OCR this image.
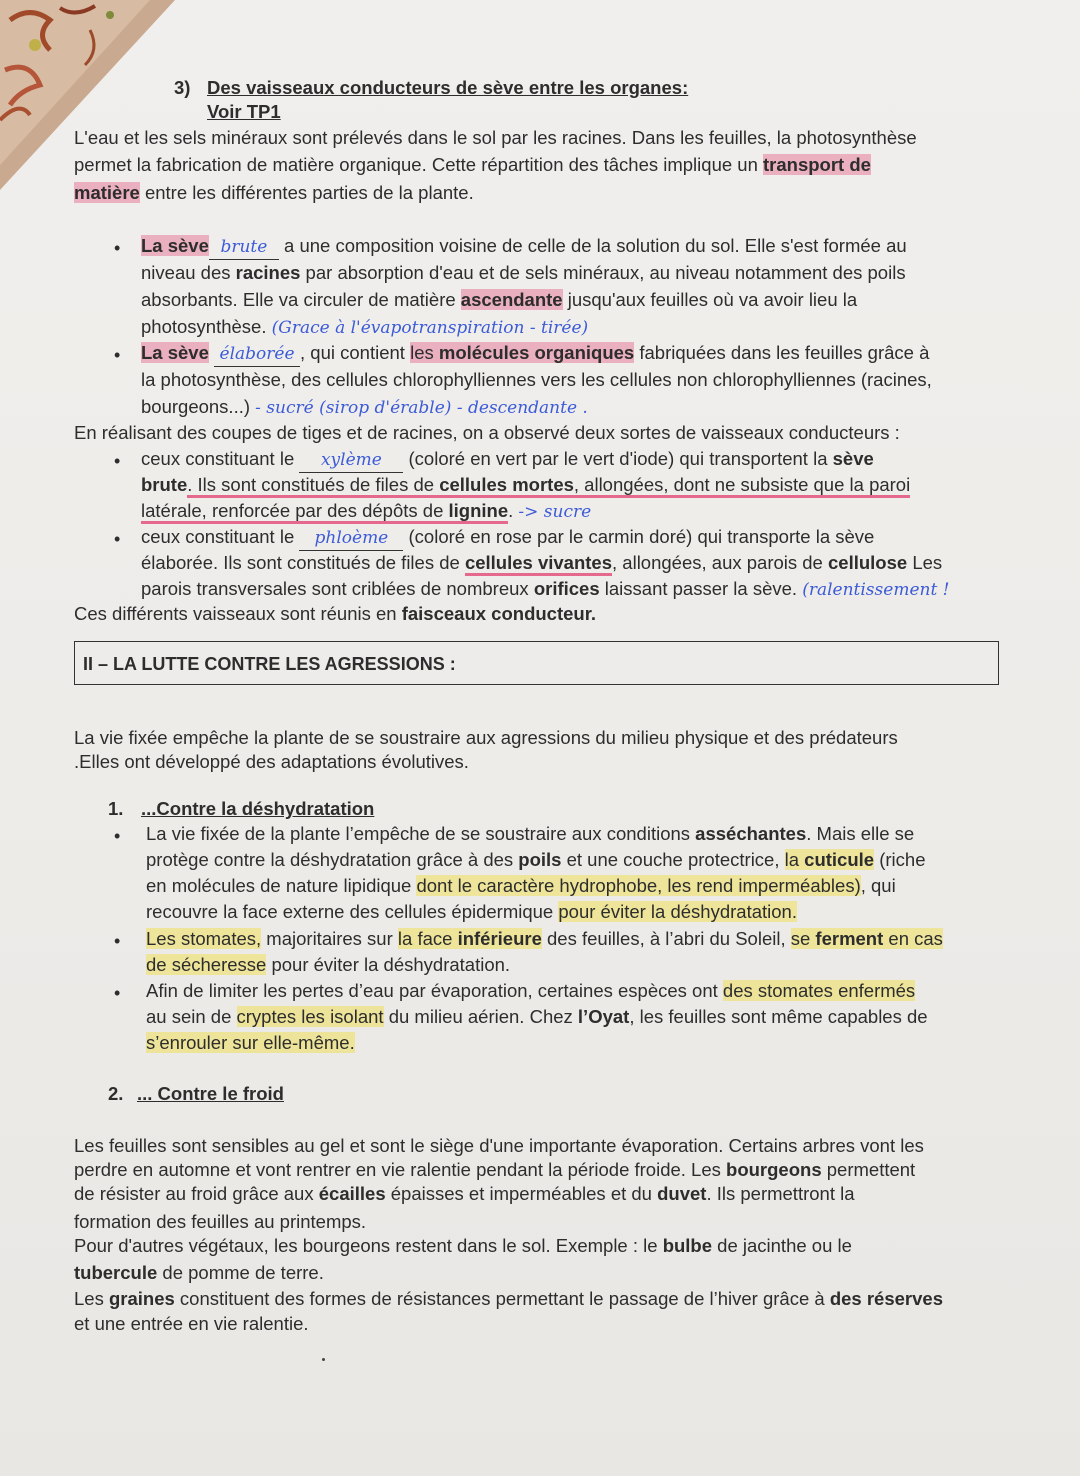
3) Des vaisseaux conducteurs de sève entre les organes:
Voir TP1
L'eau et les sels minéraux sont prélevés dans le sol par les racines. Dans les feuilles, la photosynthèse
permet la fabrication de matière organique. Cette répartition des tâches implique un transport de
matière entre les différentes parties de la plante.
• La sève brute a une composition voisine de celle de la solution du sol. Elle s'est formée au
niveau des racines par absorption d'eau et de sels minéraux, au niveau notamment des poils
absorbants. Elle va circuler de matière ascendante jusqu'aux feuilles où va avoir lieu la
photosynthèse. (Grace à l'évapotranspiration - tirée)
• La sève élaborée , qui contient les molécules organiques fabriquées dans les feuilles grâce à
la photosynthèse, des cellules chlorophylliennes vers les cellules non chlorophylliennes (racines,
bourgeons...) - sucré (sirop d'érable) - descendante .
En réalisant des coupes de tiges et de racines, on a observé deux sortes de vaisseaux conducteurs :
• ceux constituant le xylème (coloré en vert par le vert d'iode) qui transportent la sève
brute. Ils sont constitués de files de cellules mortes, allongées, dont ne subsiste que la paroi
latérale, renforcée par des dépôts de lignine. -> sucre
• ceux constituant le phloème (coloré en rose par le carmin doré) qui transporte la sève
élaborée. Ils sont constitués de files de cellules vivantes, allongées, aux parois de cellulose Les
parois transversales sont criblées de nombreux orifices laissant passer la sève. (ralentissement !
Ces différents vaisseaux sont réunis en faisceaux conducteur.
II – LA LUTTE CONTRE LES AGRESSIONS :
La vie fixée empêche la plante de se soustraire aux agressions du milieu physique et des prédateurs
.Elles ont développé des adaptations évolutives.
1. ...Contre la déshydratation
• La vie fixée de la plante l’empêche de se soustraire aux conditions asséchantes. Mais elle se
protège contre la déshydratation grâce à des poils et une couche protectrice, la cuticule (riche
en molécules de nature lipidique dont le caractère hydrophobe, les rend imperméables), qui
recouvre la face externe des cellules épidermique pour éviter la déshydratation.
• Les stomates, majoritaires sur la face inférieure des feuilles, à l’abri du Soleil, se ferment en cas
de sécheresse pour éviter la déshydratation.
• Afin de limiter les pertes d’eau par évaporation, certaines espèces ont des stomates enfermés
au sein de cryptes les isolant du milieu aérien. Chez l’Oyat, les feuilles sont même capables de
s’enrouler sur elle-même.
2. ... Contre le froid
Les feuilles sont sensibles au gel et sont le siège d'une importante évaporation. Certains arbres vont les
perdre en automne et vont rentrer en vie ralentie pendant la période froide. Les bourgeons permettent
de résister au froid grâce aux écailles épaisses et imperméables et du duvet. Ils permettront la
formation des feuilles au printemps.
Pour d'autres végétaux, les bourgeons restent dans le sol. Exemple : le bulbe de jacinthe ou le
tubercule de pomme de terre.
Les graines constituent des formes de résistances permettant le passage de l’hiver grâce à des réserves
et une entrée en vie ralentie.
